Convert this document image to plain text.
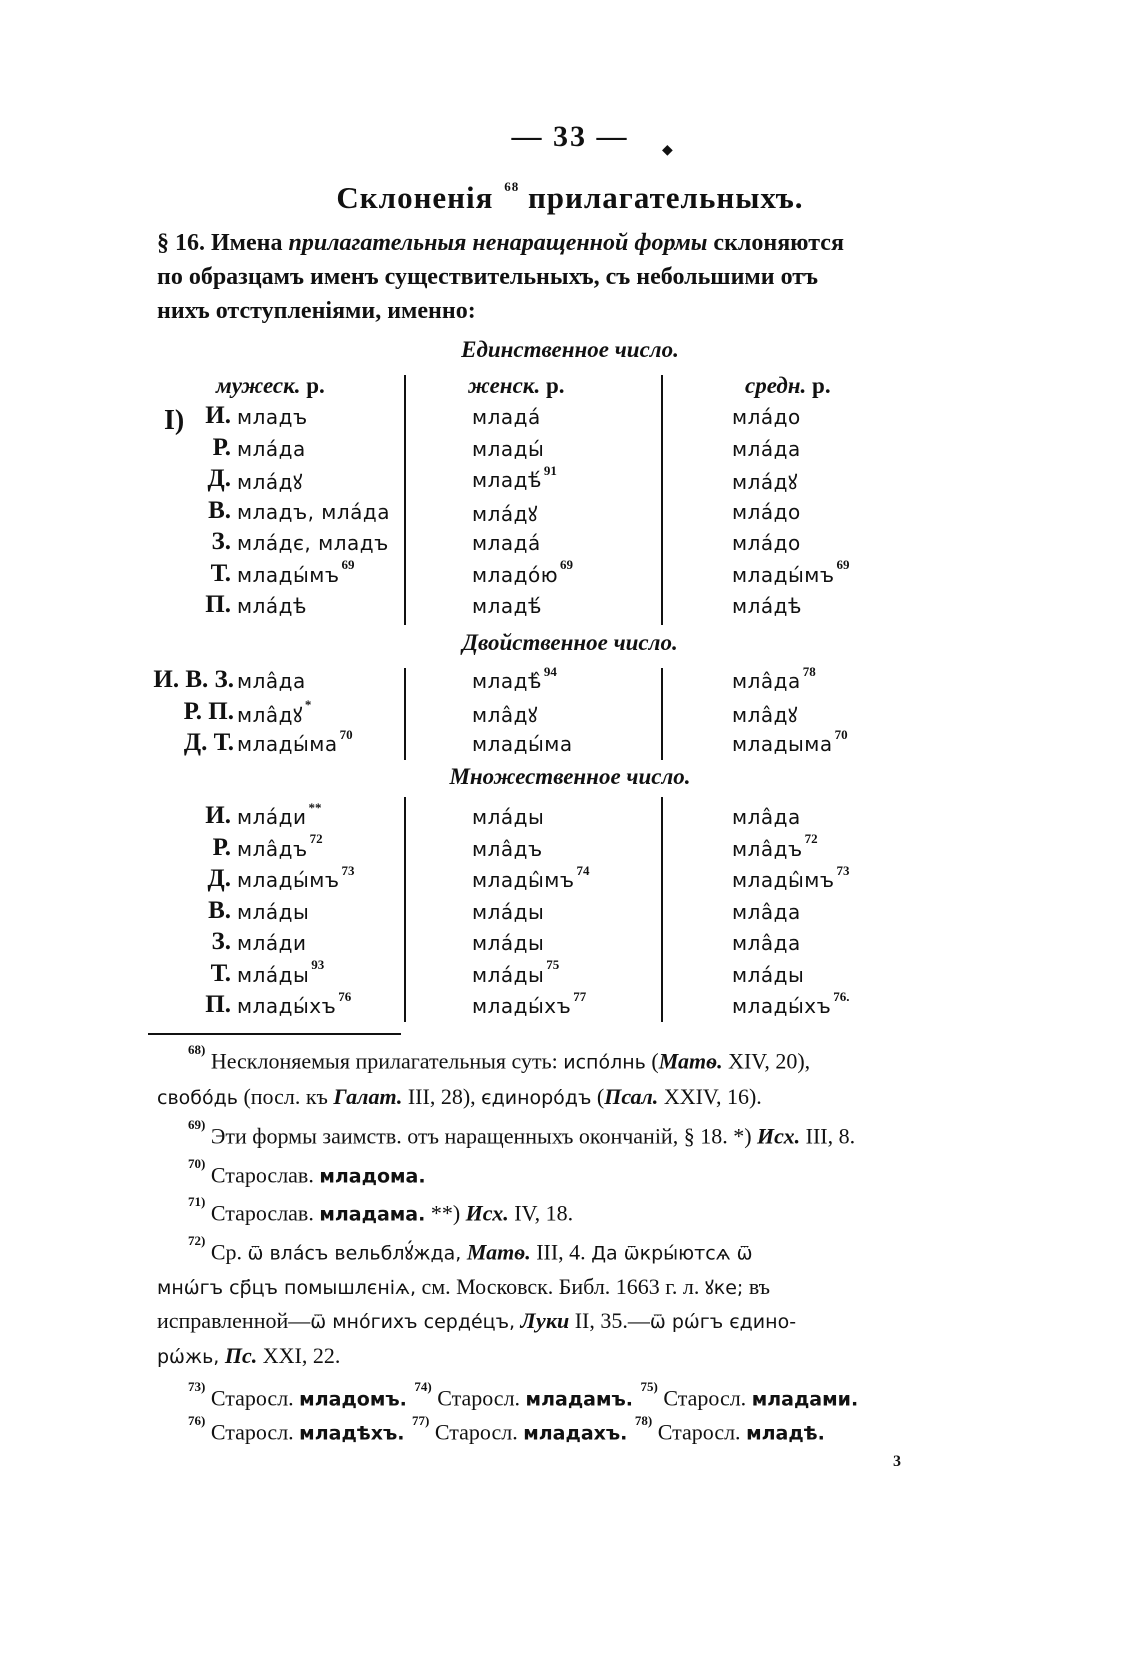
— 33 — ◆
Склоненія $^{68}$ прилагательныхъ.
§ 16. Имена прилагательныя ненаращенной формы склоняются
по образцамъ именъ существительныхъ, съ небольшими отъ
нихъ отступленіями, именно:
Единственное число.
мужеск. р.	женск. р.	средн. р.
I) И. младъ	младá	млáдо
Р. млáда	млады́	млáда
Д. млáдꙋ	младѣ́ $^{91}$	млáдꙋ
В. младъ, млáда	млáдꙋ	млáдо
З. млáдє, младъ	младá	млáдо
Т. млады́мъ $^{69}$	младóю $^{69}$	млады́мъ $^{69}$
П. млáдѣ	младѣ́	млáдѣ
Двойственное число.
И. В. З. млâда	младѣ̂ $^{94}$	млâда $^{78}$
Р. П. млâдꙋ *	млâдꙋ	млâдꙋ
Д. Т. млады́ма $^{70}$	млады́ма	младыма $^{70}$
Множественное число.
И. млáди **	млáды	млâда
Р. млâдъ $^{72}$	млâдъ	млâдъ $^{72}$
Д. млады́мъ $^{73}$	млады̂мъ $^{74}$	млады̂мъ $^{73}$
В. млáды	млáды	млâда
З. млáди	млáды	млâда
Т. млáды $^{93}$	млáды $^{75}$	млáды
П. млады́хъ $^{76}$	млады́хъ $^{77}$	млады́хъ $^{76.}$
$^{68)}$ Несклоняемыя прилагательныя суть: испóлнь (Матѳ. XIV, 20),
свобóдь (посл. къ Галат. III, 28), єдинорóдъ (Псал. XXIV, 16).
$^{69)}$ Эти формы заимств. отъ наращенныхъ окончаній, § 18. *) Исх. III, 8.
$^{70)}$ Старослав. младома.
$^{71)}$ Старослав. младама. **) Исх. IV, 18.
$^{72)}$ Ср. ѿ влáсъ вельблꙋ́жда, Матѳ. III, 4. Да ѿкры́ютсѧ ѿ
мнѡ́гъ ср҃цъ помышлєніѧ, см. Московск. Библ. 1663 г. л. ꙋке; въ
исправленной—ѿ мно́гихъ сердéцъ, Луки II, 35.—ѿ рѡ́гъ єдино-
рѡ́жь, Пс. XXI, 22.
$^{73)}$ Старосл. младомъ. $^{74)}$ Старосл. младамъ. $^{75)}$ Старосл. младами.
$^{76)}$ Старосл. младѣхъ. $^{77)}$ Старосл. младахъ. $^{78)}$ Старосл. младѣ.
3
